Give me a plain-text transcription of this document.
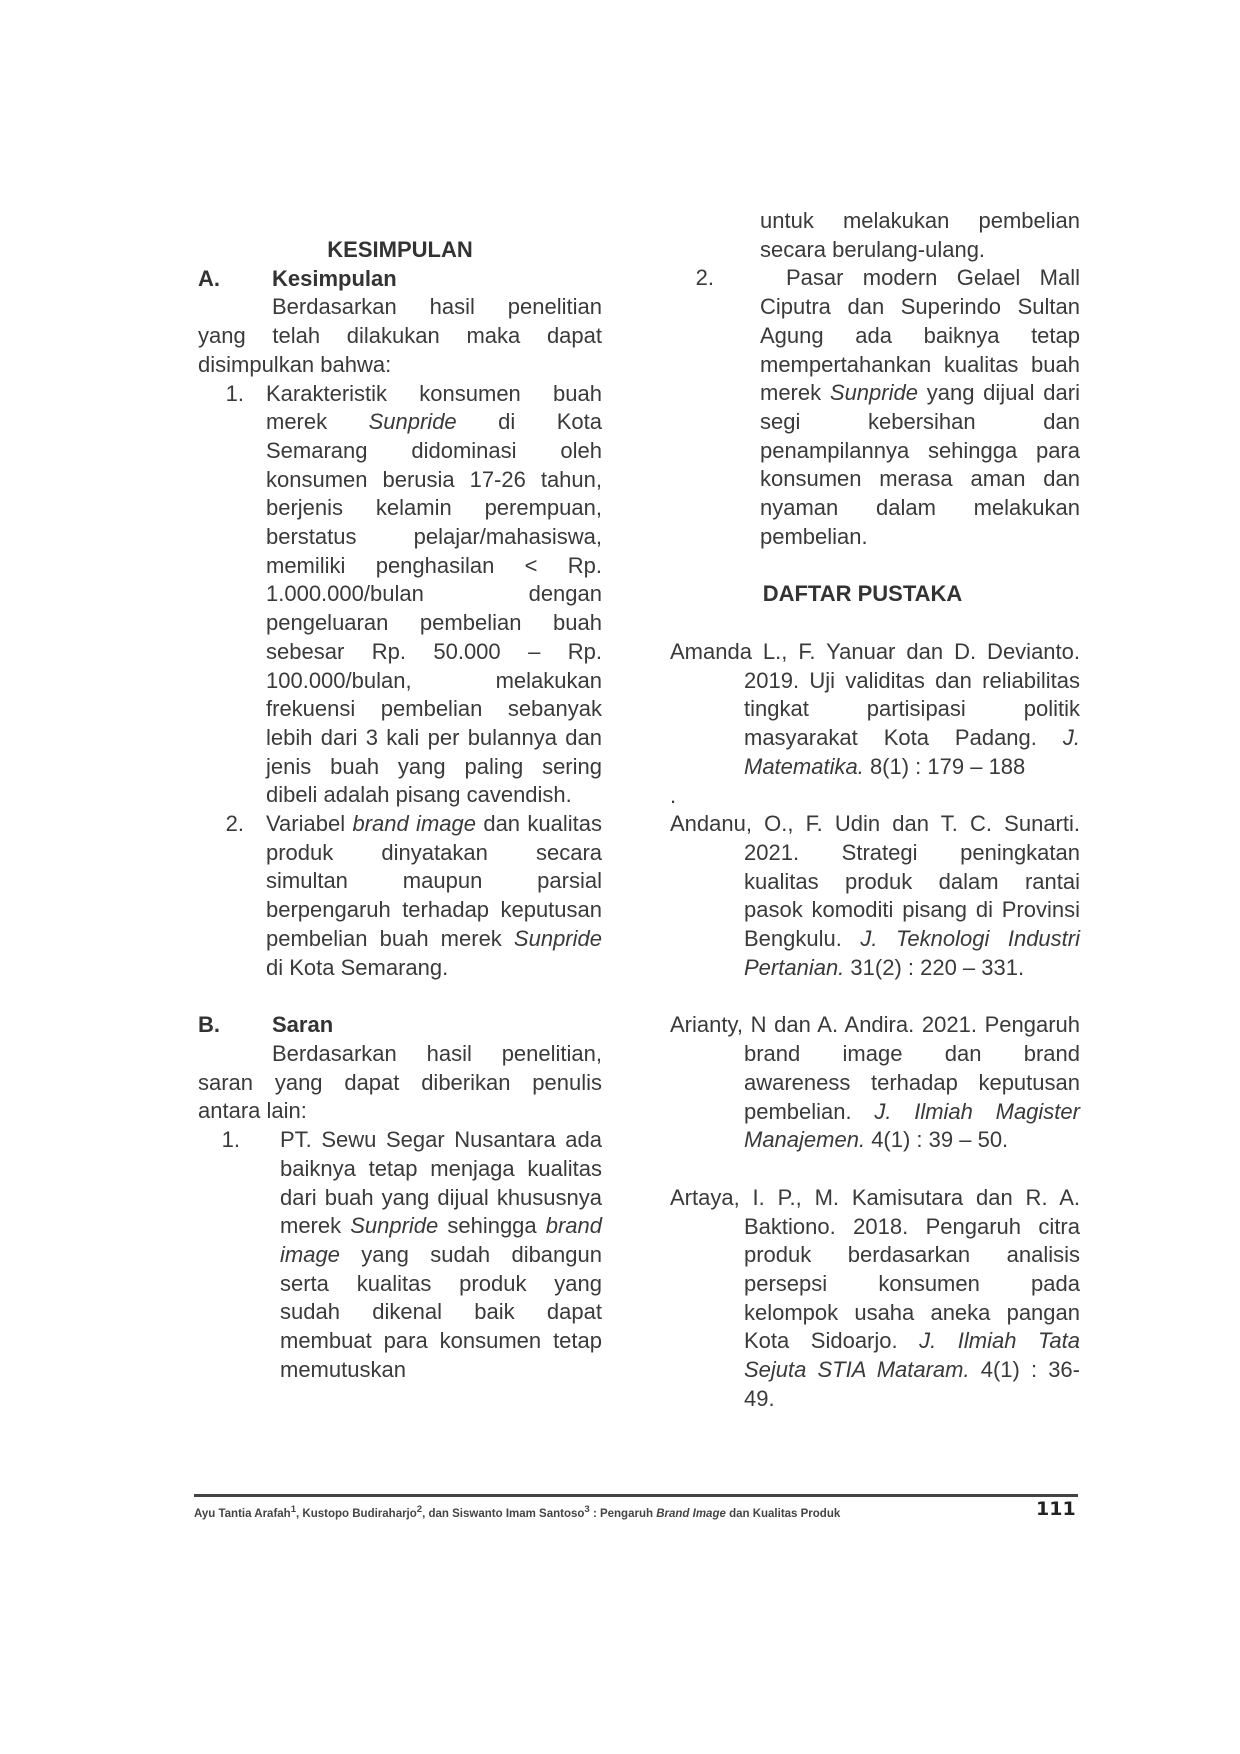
KESIMPULAN
A.	Kesimpulan
Berdasarkan hasil penelitian yang telah dilakukan maka dapat disimpulkan bahwa:
1.	Karakteristik konsumen buah merek Sunpride di Kota Semarang didominasi oleh konsumen berusia 17-26 tahun, berjenis kelamin perempuan, berstatus pelajar/mahasiswa, memiliki penghasilan < Rp. 1.000.000/bulan dengan pengeluaran pembelian buah sebesar Rp. 50.000 – Rp. 100.000/bulan, melakukan frekuensi pembelian sebanyak lebih dari 3 kali per bulannya dan jenis buah yang paling sering dibeli adalah pisang cavendish.
2.	Variabel brand image dan kualitas produk dinyatakan secara simultan maupun parsial berpengaruh terhadap keputusan pembelian buah merek Sunpride di Kota Semarang.
B.	Saran
Berdasarkan hasil penelitian, saran yang dapat diberikan penulis antara lain:
1.	PT. Sewu Segar Nusantara ada baiknya tetap menjaga kualitas dari buah yang dijual khususnya merek Sunpride sehingga brand image yang sudah dibangun serta kualitas produk yang sudah dikenal baik dapat membuat para konsumen tetap memutuskan
untuk melakukan pembelian secara berulang-ulang.
2.	Pasar modern Gelael Mall Ciputra dan Superindo Sultan Agung ada baiknya tetap mempertahankan kualitas buah merek Sunpride yang dijual dari segi kebersihan dan penampilannya sehingga para konsumen merasa aman dan nyaman dalam melakukan pembelian.
DAFTAR PUSTAKA
Amanda L., F. Yanuar dan D. Devianto. 2019. Uji validitas dan reliabilitas tingkat partisipasi politik masyarakat Kota Padang. J. Matematika. 8(1) : 179 – 188
.
Andanu, O., F. Udin dan T. C. Sunarti. 2021. Strategi peningkatan kualitas produk dalam rantai pasok komoditi pisang di Provinsi Bengkulu. J. Teknologi Industri Pertanian. 31(2) : 220 – 331.
Arianty, N dan A. Andira. 2021. Pengaruh brand image dan brand awareness terhadap keputusan pembelian. J. Ilmiah Magister Manajemen. 4(1) : 39 – 50.
Artaya, I. P., M. Kamisutara dan R. A. Baktiono. 2018. Pengaruh citra produk berdasarkan analisis persepsi konsumen pada kelompok usaha aneka pangan Kota Sidoarjo. J. Ilmiah Tata Sejuta STIA Mataram. 4(1) : 36-49.
Ayu Tantia Arafah$^1$, Kustopo Budiraharjo$^2$, dan Siswanto Imam Santoso$^3$ : Pengaruh Brand Image dan Kualitas Produk	111
